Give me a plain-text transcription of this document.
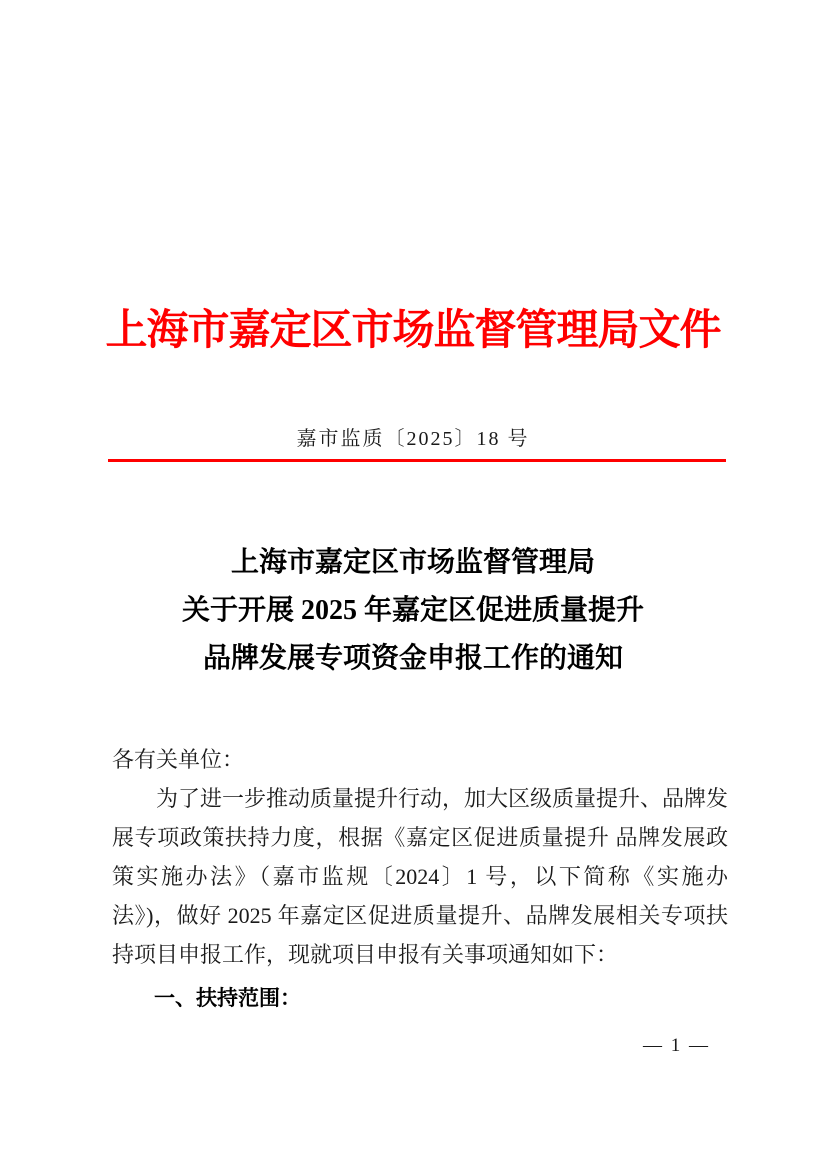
上海市嘉定区市场监督管理局文件
嘉市监质〔2025〕18 号
上海市嘉定区市场监督管理局
关于开展 2025 年嘉定区促进质量提升
品牌发展专项资金申报工作的通知

各有关单位：

为了进一步推动质量提升行动，加大区级质量提升、品牌发展专项政策扶持力度，根据《嘉定区促进质量提升 品牌发展政策实施办法》（嘉市监规〔2024〕1 号，以下简称《实施办法》)，做好 2025 年嘉定区促进质量提升、品牌发展相关专项扶持项目申报工作，现就项目申报有关事项通知如下：

一、扶持范围：

— 1 —
